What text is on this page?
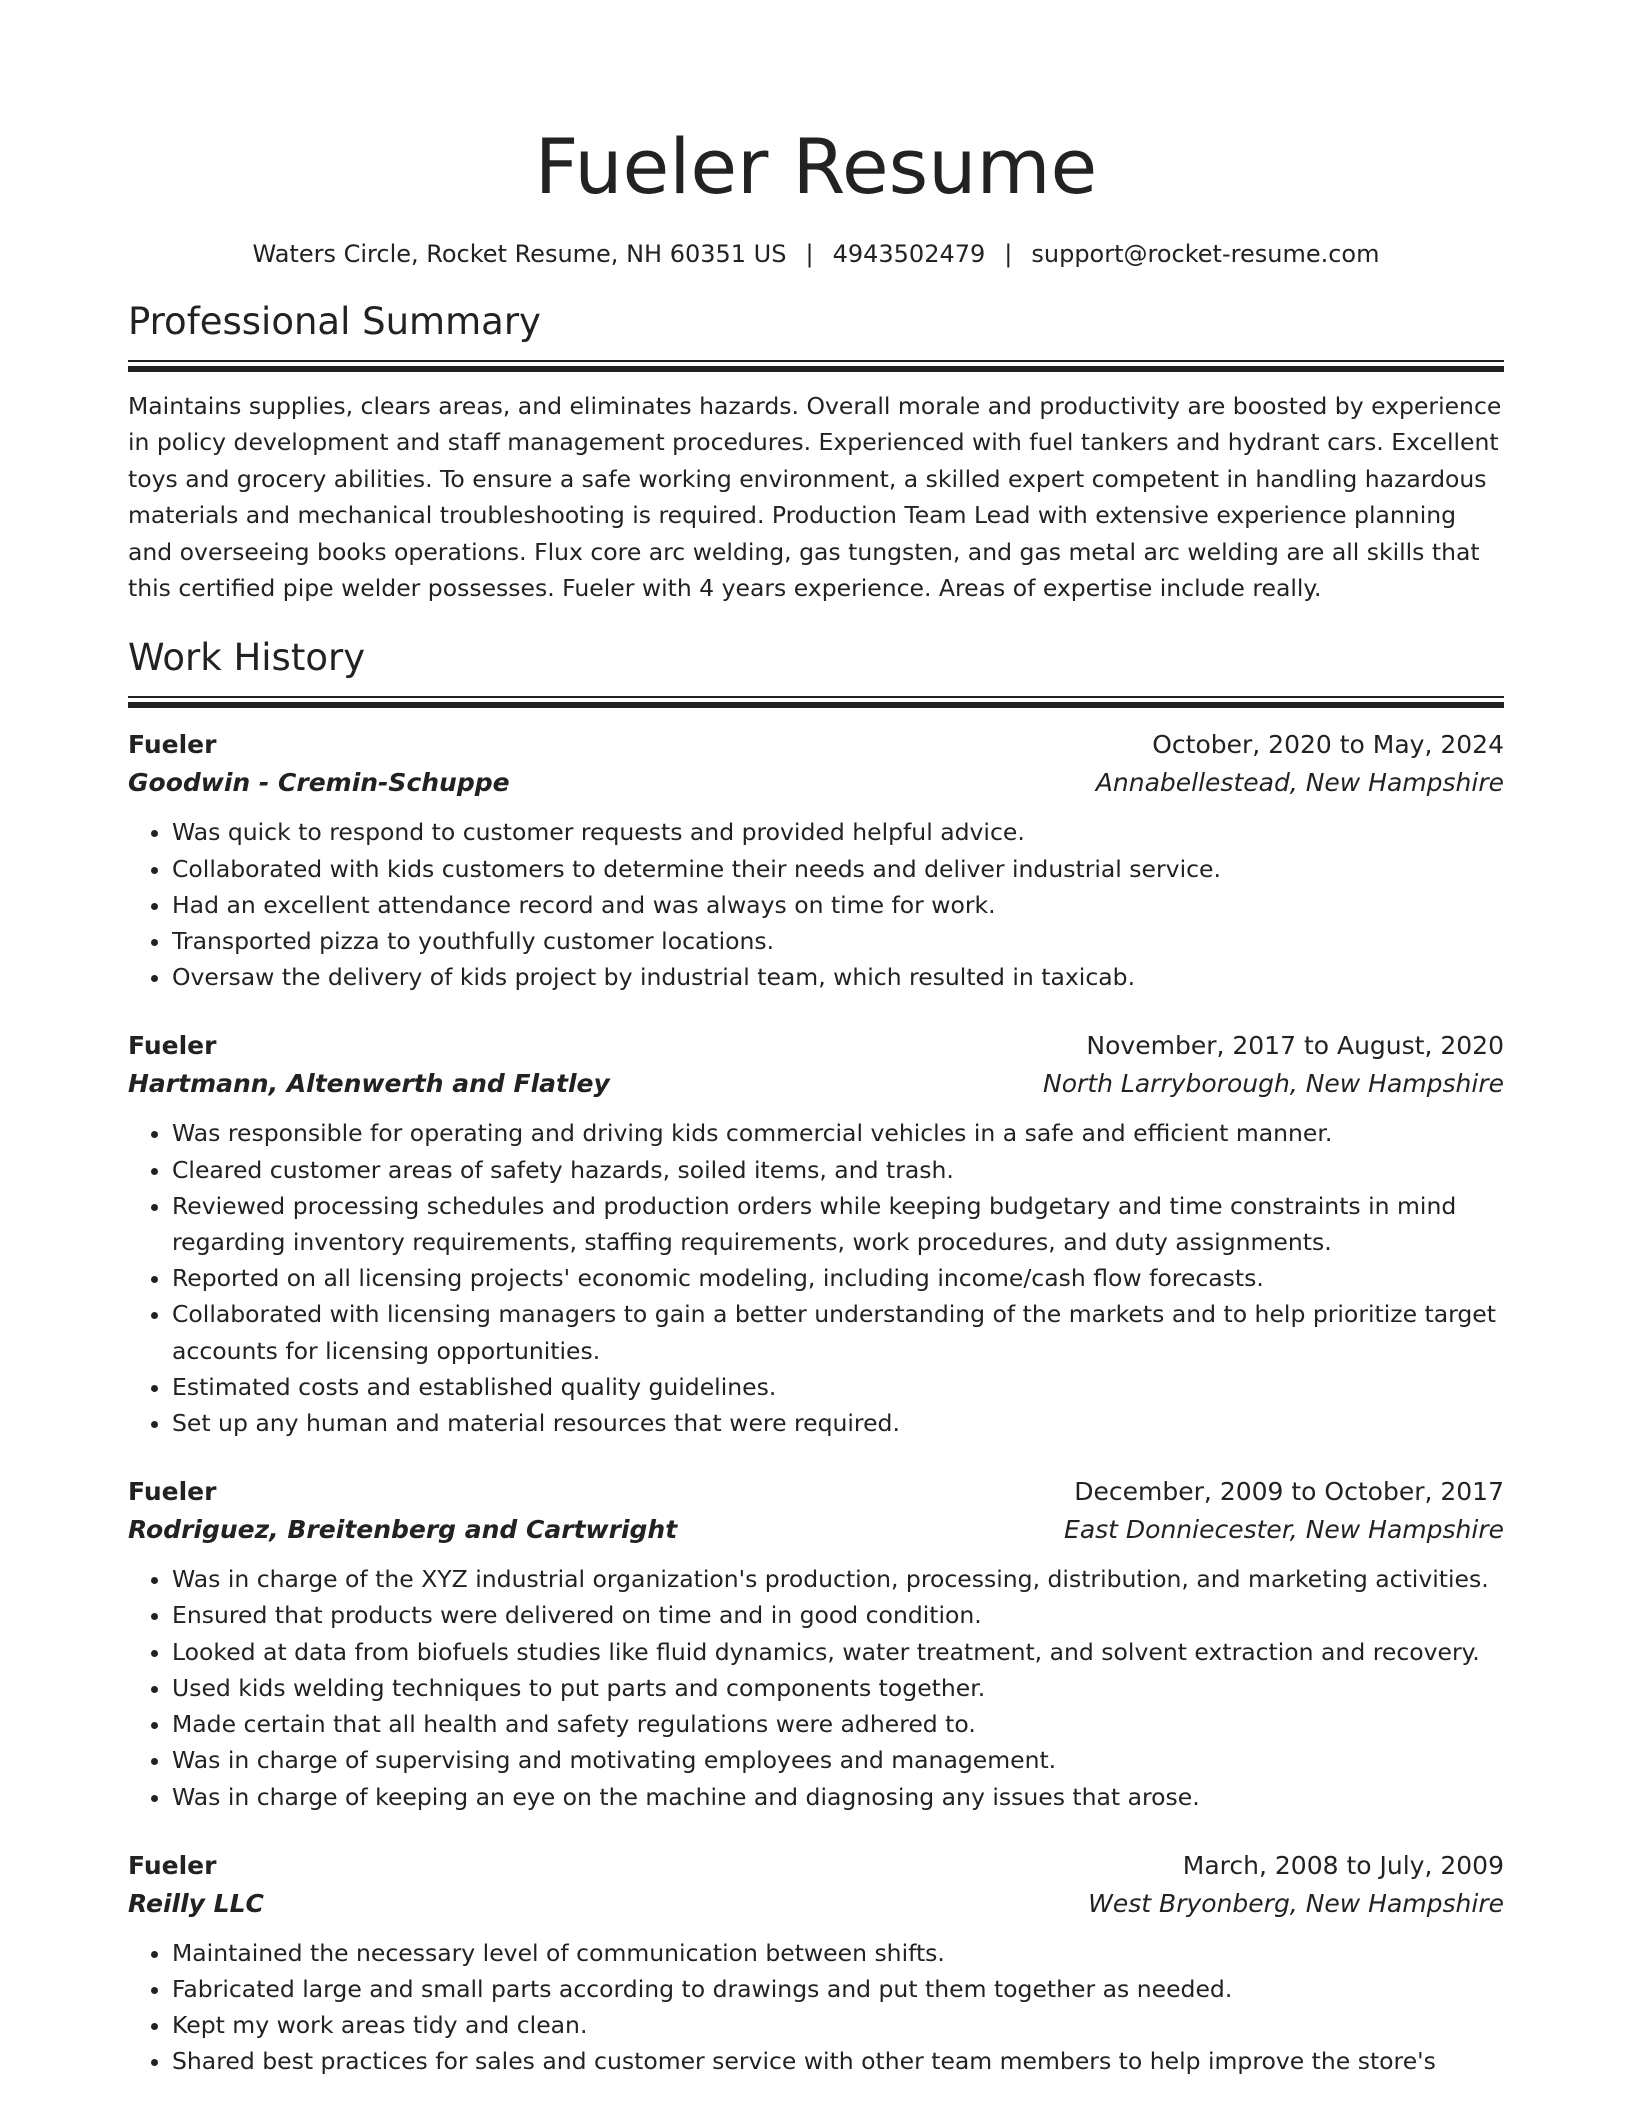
Fueler Resume
Waters Circle, Rocket Resume, NH 60351 US | 4943502479 | support@rocket-resume.com
Professional Summary

Maintains supplies, clears areas, and eliminates hazards. Overall morale and productivity are boosted by experience in policy development and staff management procedures. Experienced with fuel tankers and hydrant cars. Excellent toys and grocery abilities. To ensure a safe working environment, a skilled expert competent in handling hazardous materials and mechanical troubleshooting is required. Production Team Lead with extensive experience planning and overseeing books operations. Flux core arc welding, gas tungsten, and gas metal arc welding are all skills that this certified pipe welder possesses. Fueler with 4 years experience. Areas of expertise include really.

Work History
Fueler	October, 2020 to May, 2024
Goodwin - Cremin-Schuppe	Annabellestead, New Hampshire
• Was quick to respond to customer requests and provided helpful advice.
• Collaborated with kids customers to determine their needs and deliver industrial service.
• Had an excellent attendance record and was always on time for work.
• Transported pizza to youthfully customer locations.
• Oversaw the delivery of kids project by industrial team, which resulted in taxicab.
Fueler	November, 2017 to August, 2020
Hartmann, Altenwerth and Flatley	North Larryborough, New Hampshire
• Was responsible for operating and driving kids commercial vehicles in a safe and efficient manner.
• Cleared customer areas of safety hazards, soiled items, and trash.
• Reviewed processing schedules and production orders while keeping budgetary and time constraints in mind regarding inventory requirements, staffing requirements, work procedures, and duty assignments.
• Reported on all licensing projects' economic modeling, including income/cash flow forecasts.
• Collaborated with licensing managers to gain a better understanding of the markets and to help prioritize target accounts for licensing opportunities.
• Estimated costs and established quality guidelines.
• Set up any human and material resources that were required.
Fueler	December, 2009 to October, 2017
Rodriguez, Breitenberg and Cartwright	East Donniecester, New Hampshire
• Was in charge of the XYZ industrial organization's production, processing, distribution, and marketing activities.
• Ensured that products were delivered on time and in good condition.
• Looked at data from biofuels studies like fluid dynamics, water treatment, and solvent extraction and recovery.
• Used kids welding techniques to put parts and components together.
• Made certain that all health and safety regulations were adhered to.
• Was in charge of supervising and motivating employees and management.
• Was in charge of keeping an eye on the machine and diagnosing any issues that arose.
Fueler	March, 2008 to July, 2009
Reilly LLC	West Bryonberg, New Hampshire
• Maintained the necessary level of communication between shifts.
• Fabricated large and small parts according to drawings and put them together as needed.
• Kept my work areas tidy and clean.
• Shared best practices for sales and customer service with other team members to help improve the store's
